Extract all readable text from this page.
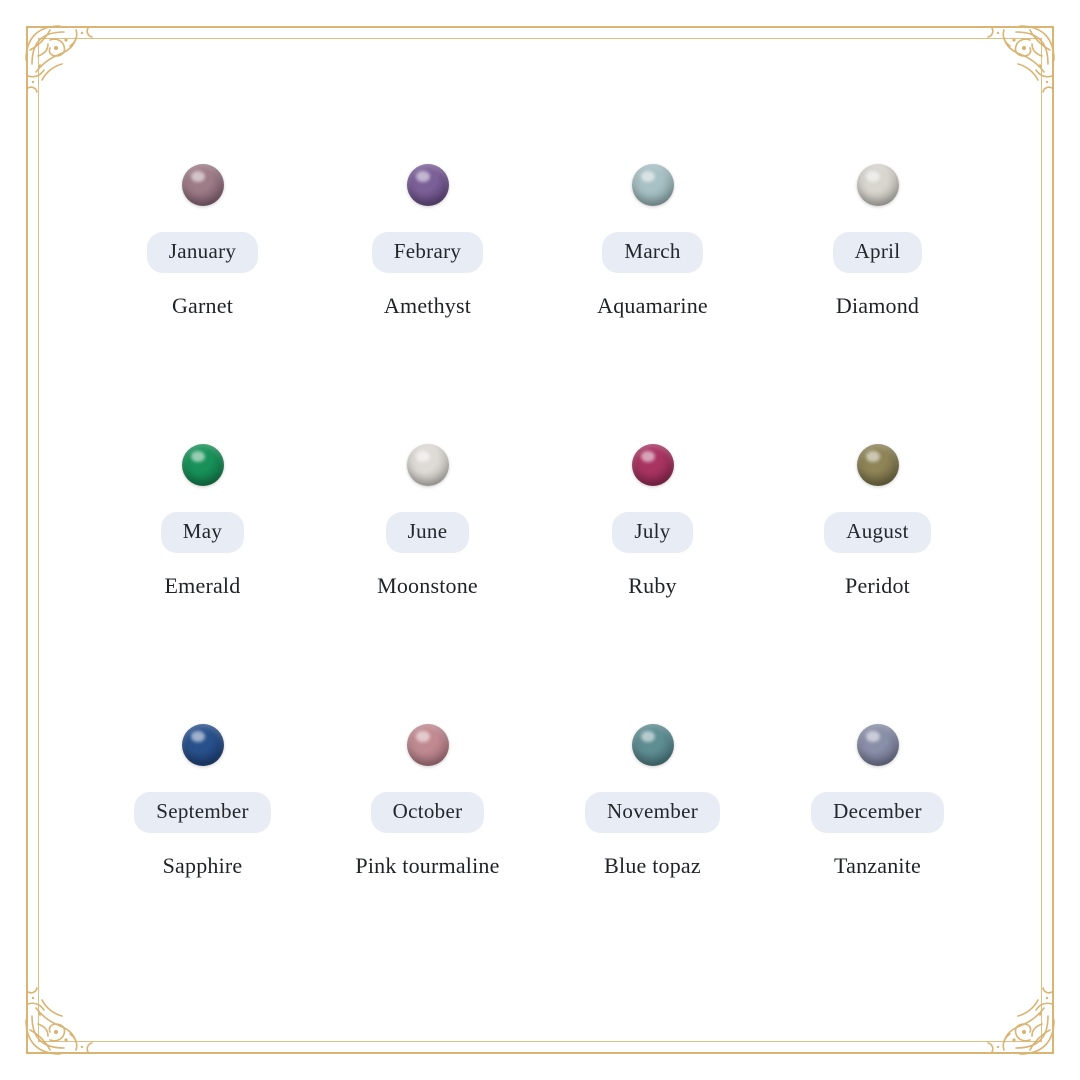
January
Garnet
Febrary
Amethyst
March
Aquamarine
April
Diamond
May
Emerald
June
Moonstone
July
Ruby
August
Peridot
September
Sapphire
October
Pink tourmaline
November
Blue topaz
December
Tanzanite
